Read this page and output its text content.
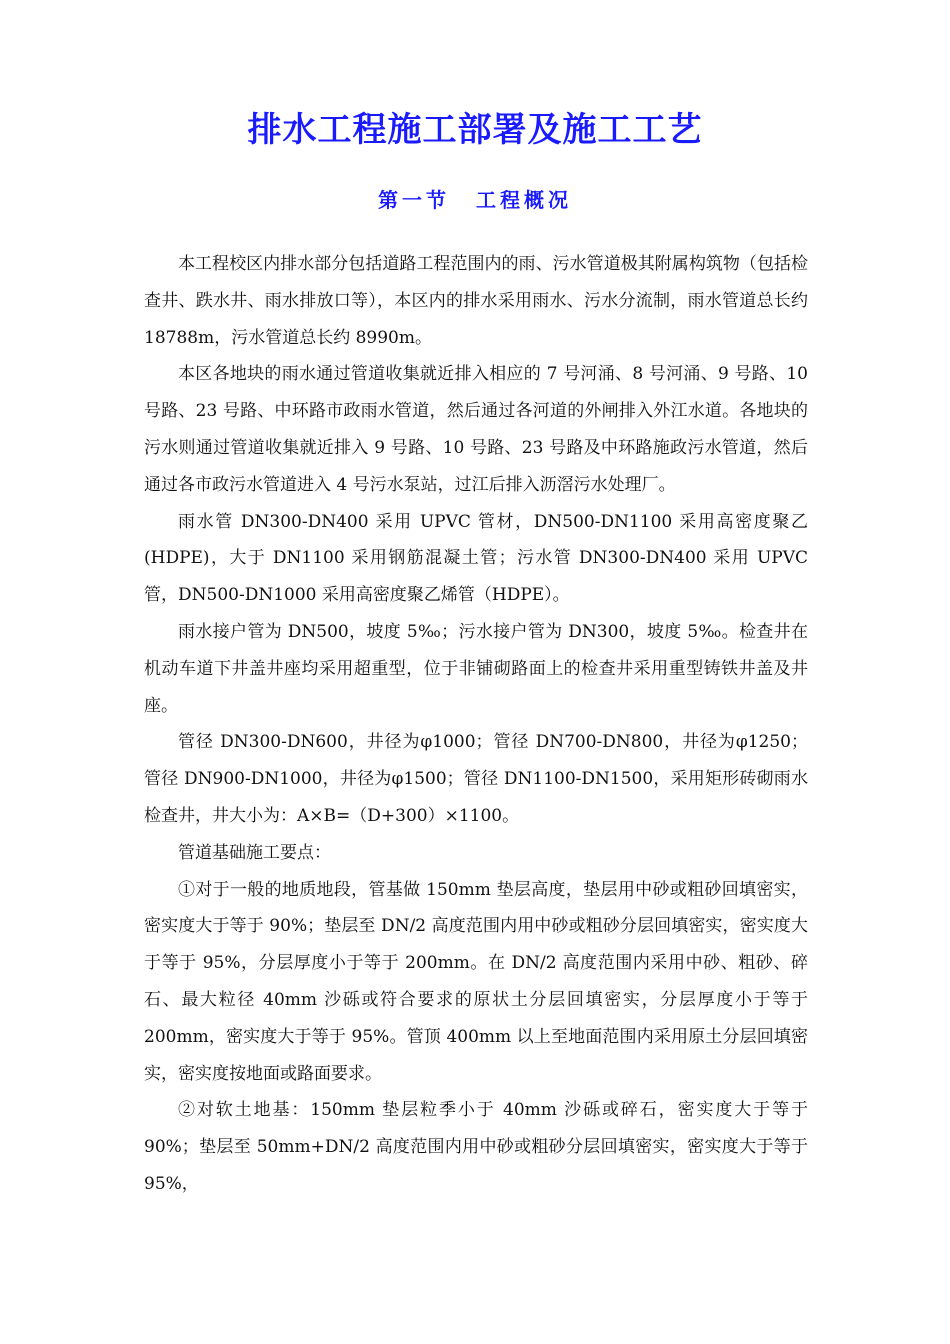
排水工程施工部署及施工工艺
第一节 工程概况

本工程校区内排水部分包括道路工程范围内的雨、污水管道极其附属构筑物（包括检查井、跌水井、雨水排放口等），本区内的排水采用雨水、污水分流制，雨水管道总长约 18788m，污水管道总长约 8990m。

本区各地块的雨水通过管道收集就近排入相应的 7 号河涌、8 号河涌、9 号路、10 号路、23 号路、中环路市政雨水管道，然后通过各河道的外闸排入外江水道。各地块的污水则通过管道收集就近排入 9 号路、10 号路、23 号路及中环路施政污水管道，然后通过各市政污水管道进入 4 号污水泵站，过江后排入沥滘污水处理厂。

雨水管 DN300-DN400 采用 UPVC 管材，DN500-DN1100 采用高密度聚乙(HDPE)，大于 DN1100 采用钢筋混凝土管；污水管 DN300-DN400 采用 UPVC 管，DN500-DN1000 采用高密度聚乙烯管（HDPE）。

雨水接户管为 DN500，坡度 5‰；污水接户管为 DN300，坡度 5‰。检查井在机动车道下井盖井座均采用超重型，位于非铺砌路面上的检查井采用重型铸铁井盖及井座。

管径 DN300-DN600，井径为φ1000；管径 DN700-DN800，井径为φ1250；管径 DN900-DN1000，井径为φ1500；管径 DN1100-DN1500，采用矩形砖砌雨水检查井，井大小为：A×B=（D+300）×1100。

管道基础施工要点：

①对于一般的地质地段，管基做 150mm 垫层高度，垫层用中砂或粗砂回填密实，密实度大于等于 90%；垫层至 DN/2 高度范围内用中砂或粗砂分层回填密实，密实度大于等于 95%，分层厚度小于等于 200mm。在 DN/2 高度范围内采用中砂、粗砂、碎石、最大粒径 40mm 沙砾或符合要求的原状土分层回填密实，分层厚度小于等于 200mm，密实度大于等于 95%。管顶 400mm 以上至地面范围内采用原土分层回填密实，密实度按地面或路面要求。

②对软土地基：150mm 垫层粒季小于 40mm 沙砾或碎石，密实度大于等于 90%；垫层至 50mm+DN/2 高度范围内用中砂或粗砂分层回填密实，密实度大于等于 95%，
